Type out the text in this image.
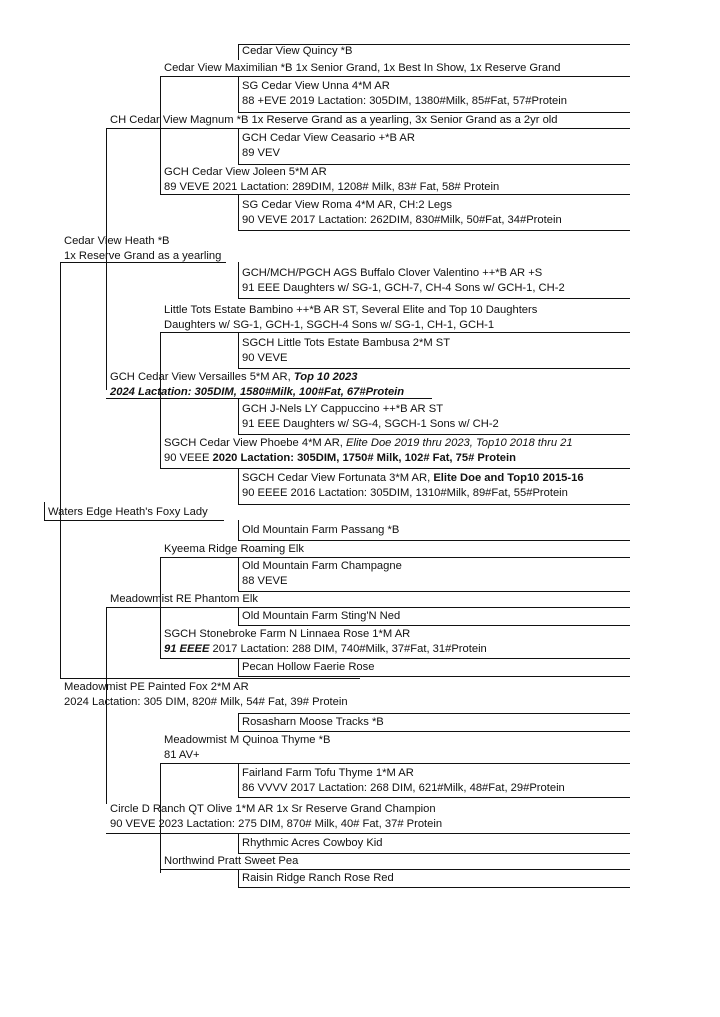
Cedar View Quincy *B
SG Cedar View Unna 4*M AR
88 +EVE 2019 Lactation: 305DIM, 1380#Milk, 85#Fat, 57#Protein
GCH Cedar View Ceasario +*B AR
89 VEV
SG Cedar View Roma 4*M AR, CH:2 Legs
90 VEVE 2017 Lactation: 262DIM, 830#Milk, 50#Fat, 34#Protein
GCH/MCH/PGCH AGS Buffalo Clover Valentino ++*B AR +S
91 EEE Daughters w/ SG-1, GCH-7, CH-4 Sons w/ GCH-1, CH-2
SGCH Little Tots Estate Bambusa 2*M ST
90 VEVE
GCH J-Nels LY Cappuccino ++*B AR ST
91 EEE Daughters w/ SG-4, SGCH-1 Sons w/ CH-2
SGCH Cedar View Fortunata 3*M AR, Elite Doe and Top10 2015-16
90 EEEE 2016 Lactation: 305DIM, 1310#Milk, 89#Fat, 55#Protein
Old Mountain Farm Passang *B
Old Mountain Farm Champagne
88 VEVE
Old Mountain Farm Sting'N Ned
Pecan Hollow Faerie Rose
Rosasharn Moose Tracks *B
Fairland Farm Tofu Thyme 1*M AR
86 VVVV 2017 Lactation: 268 DIM, 621#Milk, 48#Fat, 29#Protein
Rhythmic Acres Cowboy Kid
Raisin Ridge Ranch Rose Red
Cedar View Maximilian *B 1x Senior Grand, 1x Best In Show, 1x Reserve Grand
GCH Cedar View Joleen 5*M AR
89 VEVE 2021 Lactation: 289DIM, 1208# Milk, 83# Fat, 58# Protein
Little Tots Estate Bambino ++*B AR ST, Several Elite and Top 10 Daughters
Daughters w/ SG-1, GCH-1, SGCH-4 Sons w/ SG-1, CH-1, GCH-1
SGCH Cedar View Phoebe 4*M AR, Elite Doe 2019 thru 2023, Top10 2018 thru 21
90 VEEE 2020 Lactation: 305DIM, 1750# Milk, 102# Fat, 75# Protein
Kyeema Ridge Roaming Elk
SGCH Stonebroke Farm N Linnaea Rose 1*M AR
91 EEEE 2017 Lactation: 288 DIM, 740#Milk, 37#Fat, 31#Protein
Meadowmist M Quinoa Thyme *B
81 AV+
Northwind Pratt Sweet Pea
CH Cedar View Magnum *B 1x Reserve Grand as a yearling, 3x Senior Grand as a 2yr old
GCH Cedar View Versailles 5*M AR, Top 10 2023
2024 Lactation: 305DIM, 1580#Milk, 100#Fat, 67#Protein
Meadowmist RE Phantom Elk
Circle D Ranch QT Olive 1*M AR 1x Sr Reserve Grand Champion
90 VEVE 2023 Lactation: 275 DIM, 870# Milk, 40# Fat, 37# Protein
Cedar View Heath *B
1x Reserve Grand as a yearling
Meadowmist PE Painted Fox 2*M AR
2024 Lactation: 305 DIM, 820# Milk, 54# Fat, 39# Protein
Waters Edge Heath's Foxy Lady
